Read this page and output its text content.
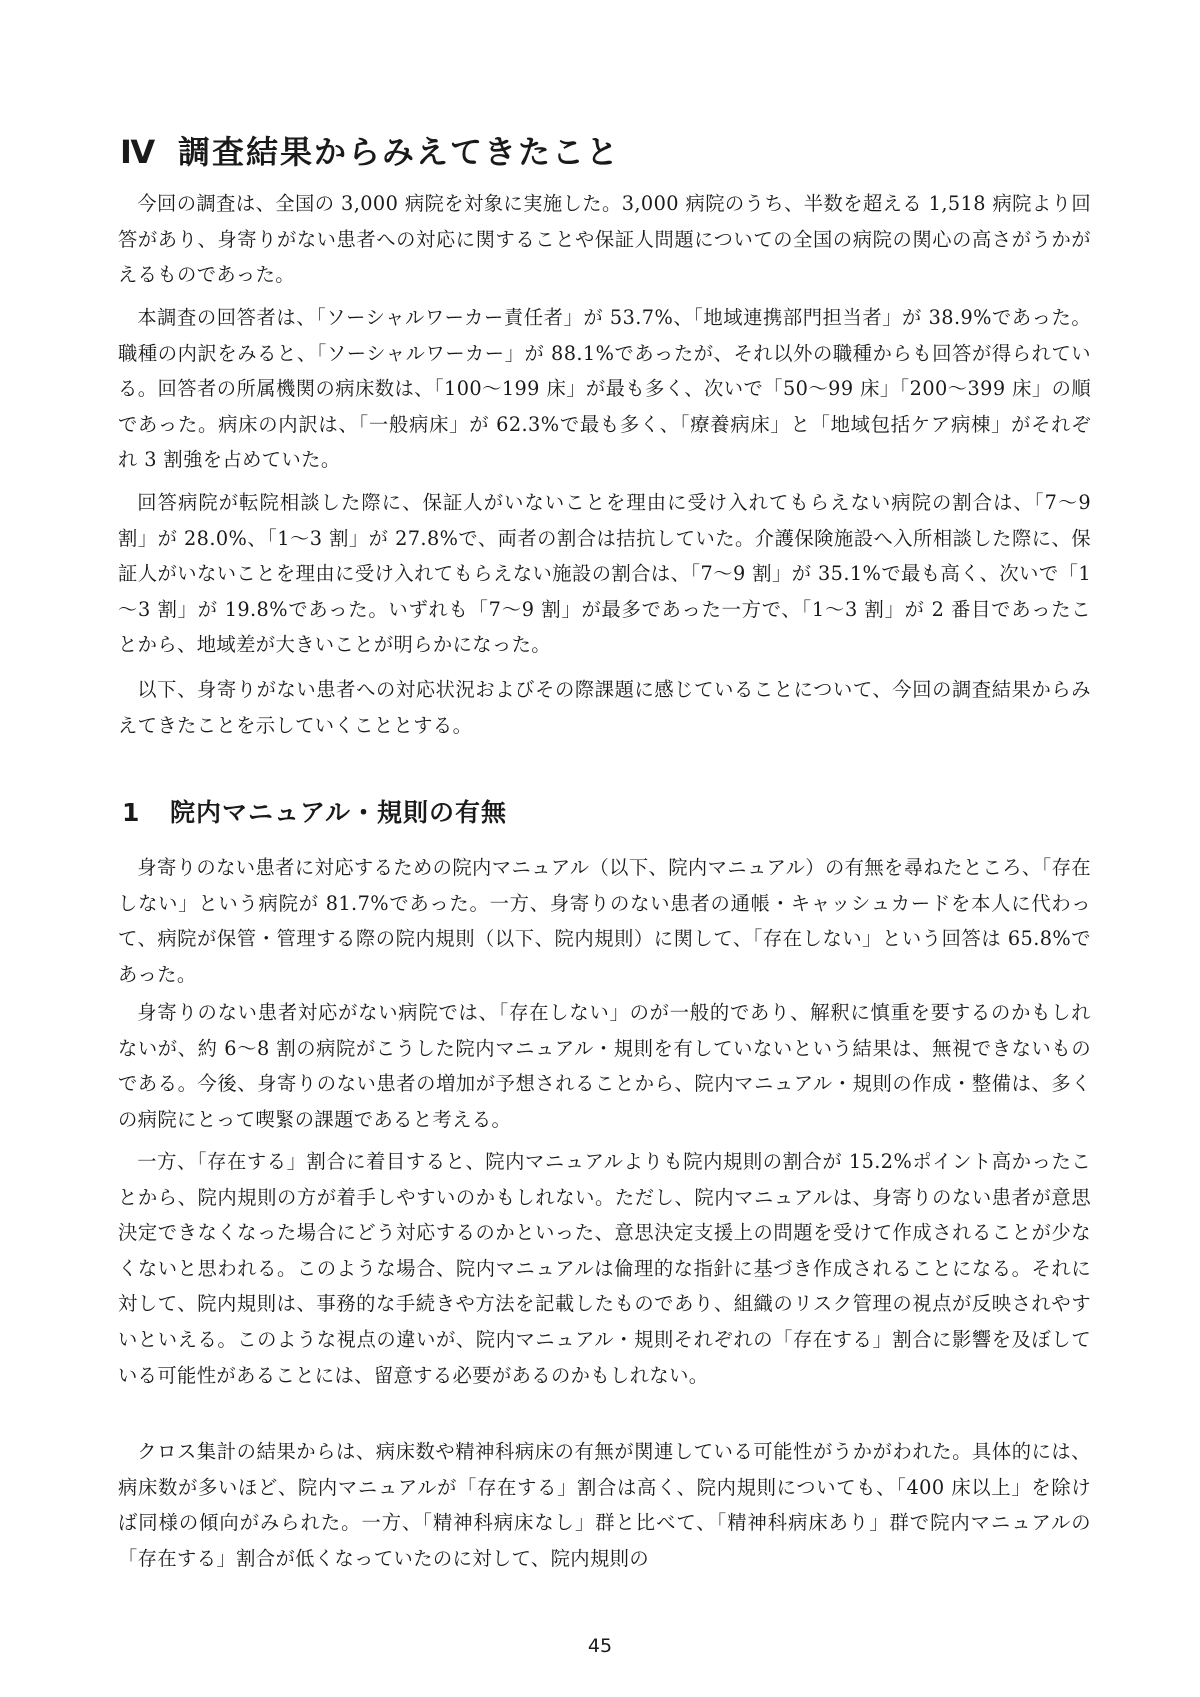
Ⅳ 調査結果からみえてきたこと

今回の調査は、全国の 3,000 病院を対象に実施した。3,000 病院のうち、半数を超える 1,518 病院より回答があり、身寄りがない患者への対応に関することや保証人問題についての全国の病院の関心の高さがうかがえるものであった。

本調査の回答者は、「ソーシャルワーカー責任者」が 53.7%、「地域連携部門担当者」が 38.9%であった。職種の内訳をみると、「ソーシャルワーカー」が 88.1%であったが、それ以外の職種からも回答が得られている。回答者の所属機関の病床数は、「100～199 床」が最も多く、次いで「50～99 床」「200～399 床」の順であった。病床の内訳は、「一般病床」が 62.3%で最も多く、「療養病床」と「地域包括ケア病棟」がそれぞれ 3 割強を占めていた。

回答病院が転院相談した際に、保証人がいないことを理由に受け入れてもらえない病院の割合は、「7～9 割」が 28.0%、「1～3 割」が 27.8%で、両者の割合は拮抗していた。介護保険施設へ入所相談した際に、保証人がいないことを理由に受け入れてもらえない施設の割合は、「7～9 割」が 35.1%で最も高く、次いで「1～3 割」が 19.8%であった。いずれも「7～9 割」が最多であった一方で、「1～3 割」が 2 番目であったことから、地域差が大きいことが明らかになった。

以下、身寄りがない患者への対応状況およびその際課題に感じていることについて、今回の調査結果からみえてきたことを示していくこととする。

1 院内マニュアル・規則の有無

身寄りのない患者に対応するための院内マニュアル（以下、院内マニュアル）の有無を尋ねたところ、「存在しない」という病院が 81.7%であった。一方、身寄りのない患者の通帳・キャッシュカードを本人に代わって、病院が保管・管理する際の院内規則（以下、院内規則）に関して、「存在しない」という回答は 65.8%であった。

身寄りのない患者対応がない病院では、「存在しない」のが一般的であり、解釈に慎重を要するのかもしれないが、約 6～8 割の病院がこうした院内マニュアル・規則を有していないという結果は、無視できないものである。今後、身寄りのない患者の増加が予想されることから、院内マニュアル・規則の作成・整備は、多くの病院にとって喫緊の課題であると考える。

一方、「存在する」割合に着目すると、院内マニュアルよりも院内規則の割合が 15.2%ポイント高かったことから、院内規則の方が着手しやすいのかもしれない。ただし、院内マニュアルは、身寄りのない患者が意思決定できなくなった場合にどう対応するのかといった、意思決定支援上の問題を受けて作成されることが少なくないと思われる。このような場合、院内マニュアルは倫理的な指針に基づき作成されることになる。それに対して、院内規則は、事務的な手続きや方法を記載したものであり、組織のリスク管理の視点が反映されやすいといえる。このような視点の違いが、院内マニュアル・規則それぞれの「存在する」割合に影響を及ぼしている可能性があることには、留意する必要があるのかもしれない。

クロス集計の結果からは、病床数や精神科病床の有無が関連している可能性がうかがわれた。具体的には、病床数が多いほど、院内マニュアルが「存在する」割合は高く、院内規則についても、「400 床以上」を除けば同様の傾向がみられた。一方、「精神科病床なし」群と比べて、「精神科病床あり」群で院内マニュアルの「存在する」割合が低くなっていたのに対して、院内規則の

45
